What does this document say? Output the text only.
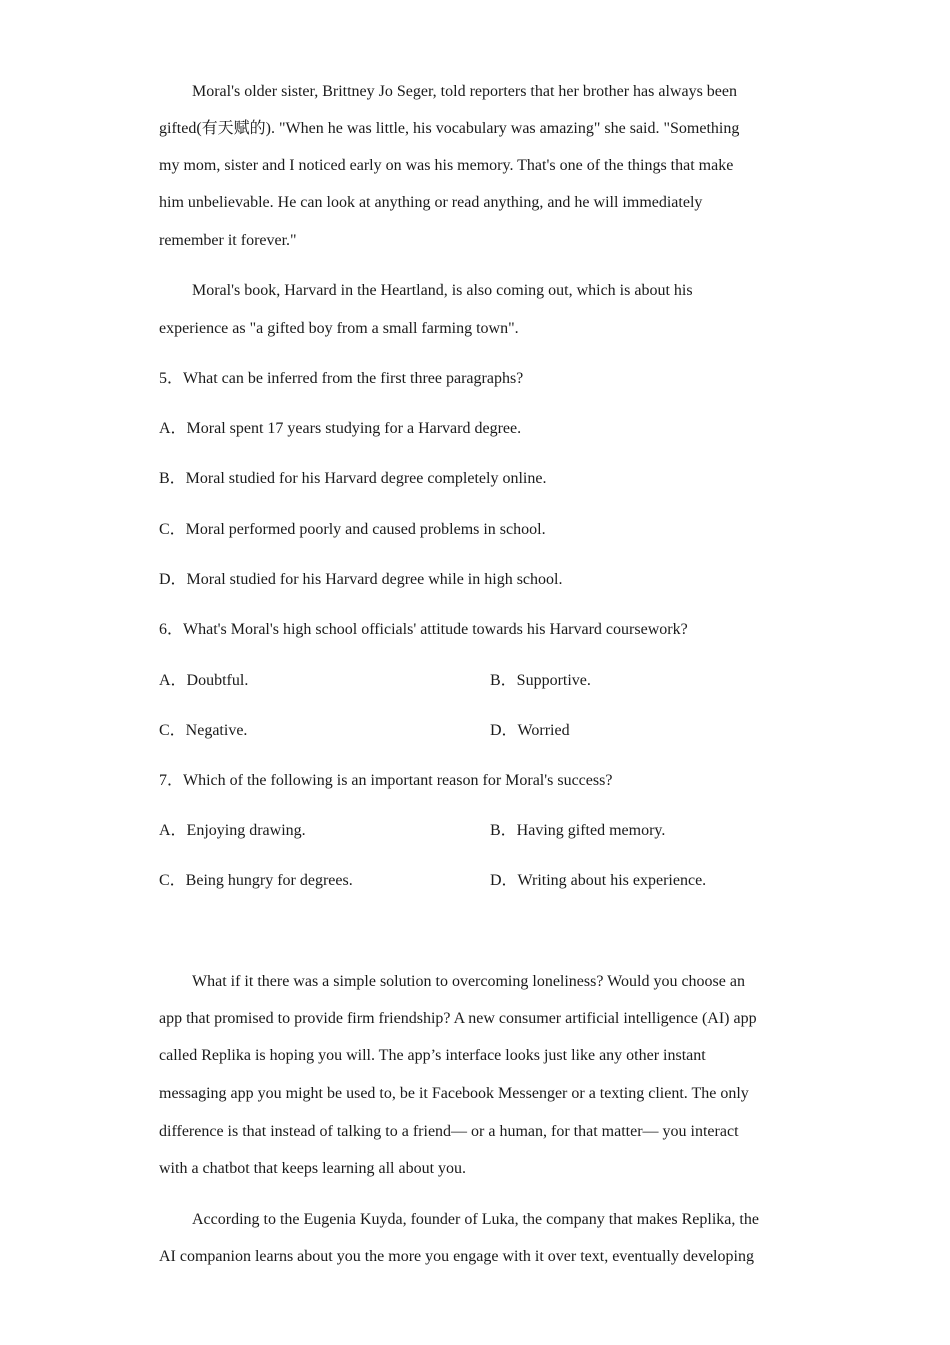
Moral's older sister, Brittney Jo Seger, told reporters that her brother has always been
gifted(有天赋的). "When he was little, his vocabulary was amazing" she said. "Something
my mom, sister and I noticed early on was his memory. That's one of the things that make
him unbelievable. He can look at anything or read anything, and he will immediately
remember it forever."
Moral's book, Harvard in the Heartland, is also coming out, which is about his
experience as "a gifted boy from a small farming town".
5．What can be inferred from the first three paragraphs?
A．Moral spent 17 years studying for a Harvard degree.
B．Moral studied for his Harvard degree completely online.
C．Moral performed poorly and caused problems in school.
D．Moral studied for his Harvard degree while in high school.
6．What's Moral's high school officials' attitude towards his Harvard coursework?
A．Doubtful.	B．Supportive.
C．Negative.	D．Worried
7．Which of the following is an important reason for Moral's success?
A．Enjoying drawing.	B．Having gifted memory.
C．Being hungry for degrees.	D．Writing about his experience.
What if it there was a simple solution to overcoming loneliness? Would you choose an
app that promised to provide firm friendship? A new consumer artificial intelligence (AI) app
called Replika is hoping you will. The app’s interface looks just like any other instant
messaging app you might be used to, be it Facebook Messenger or a texting client. The only
difference is that instead of talking to a friend— or a human, for that matter— you interact
with a chatbot that keeps learning all about you.
According to the Eugenia Kuyda, founder of Luka, the company that makes Replika, the
AI companion learns about you the more you engage with it over text, eventually developing
